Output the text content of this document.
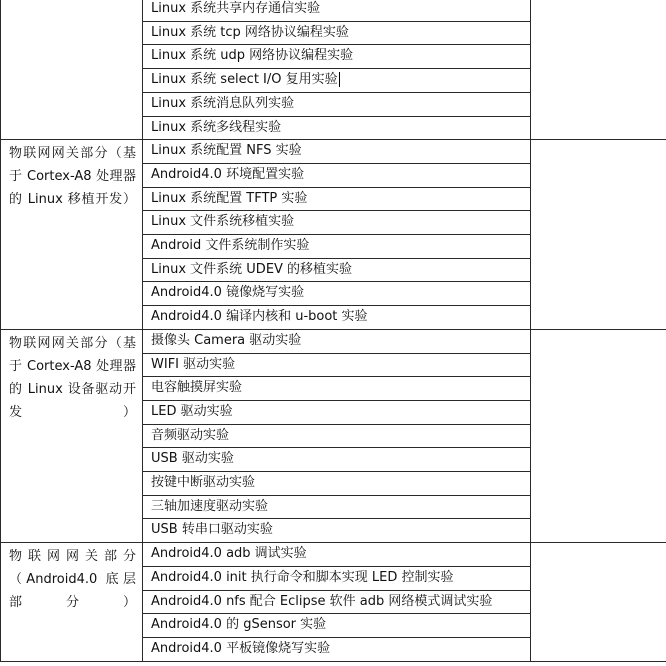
	Linux 系统共享内存通信实验	
	Linux 系统 tcp 网络协议编程实验	
	Linux 系统 udp 网络协议编程实验	
	Linux 系统 select I/O 复用实验	
	Linux 系统消息队列实验	
	Linux 系统多线程实验	

物联网网关部分（基于 Cortex-A8 处理器的 Linux 移植开发）	Linux 系统配置 NFS 实验	
	Android4.0 环境配置实验	
	Linux 系统配置 TFTP 实验	
	Linux 文件系统移植实验	
	Android 文件系统制作实验	
	Linux 文件系统 UDEV 的移植实验	
	Android4.0 镜像烧写实验	
	Android4.0 编译内核和 u-boot 实验	

物联网网关部分（基于 Cortex-A8 处理器的 Linux 设备驱动开发）	摄像头 Camera 驱动实验	
	WIFI 驱动实验	
	电容触摸屏实验	
	LED 驱动实验	
	音频驱动实验	
	USB 驱动实验	
	按键中断驱动实验	
	三轴加速度驱动实验	
	USB 转串口驱动实验	

物联网网关部分（Android4.0 底层部分）	Android4.0 adb 调试实验	
	Android4.0 init 执行命令和脚本实现 LED 控制实验	
	Android4.0 nfs 配合 Eclipse 软件 adb 网络模式调试实验	
	Android4.0 的 gSensor 实验	
	Android4.0 平板镜像烧写实验	
